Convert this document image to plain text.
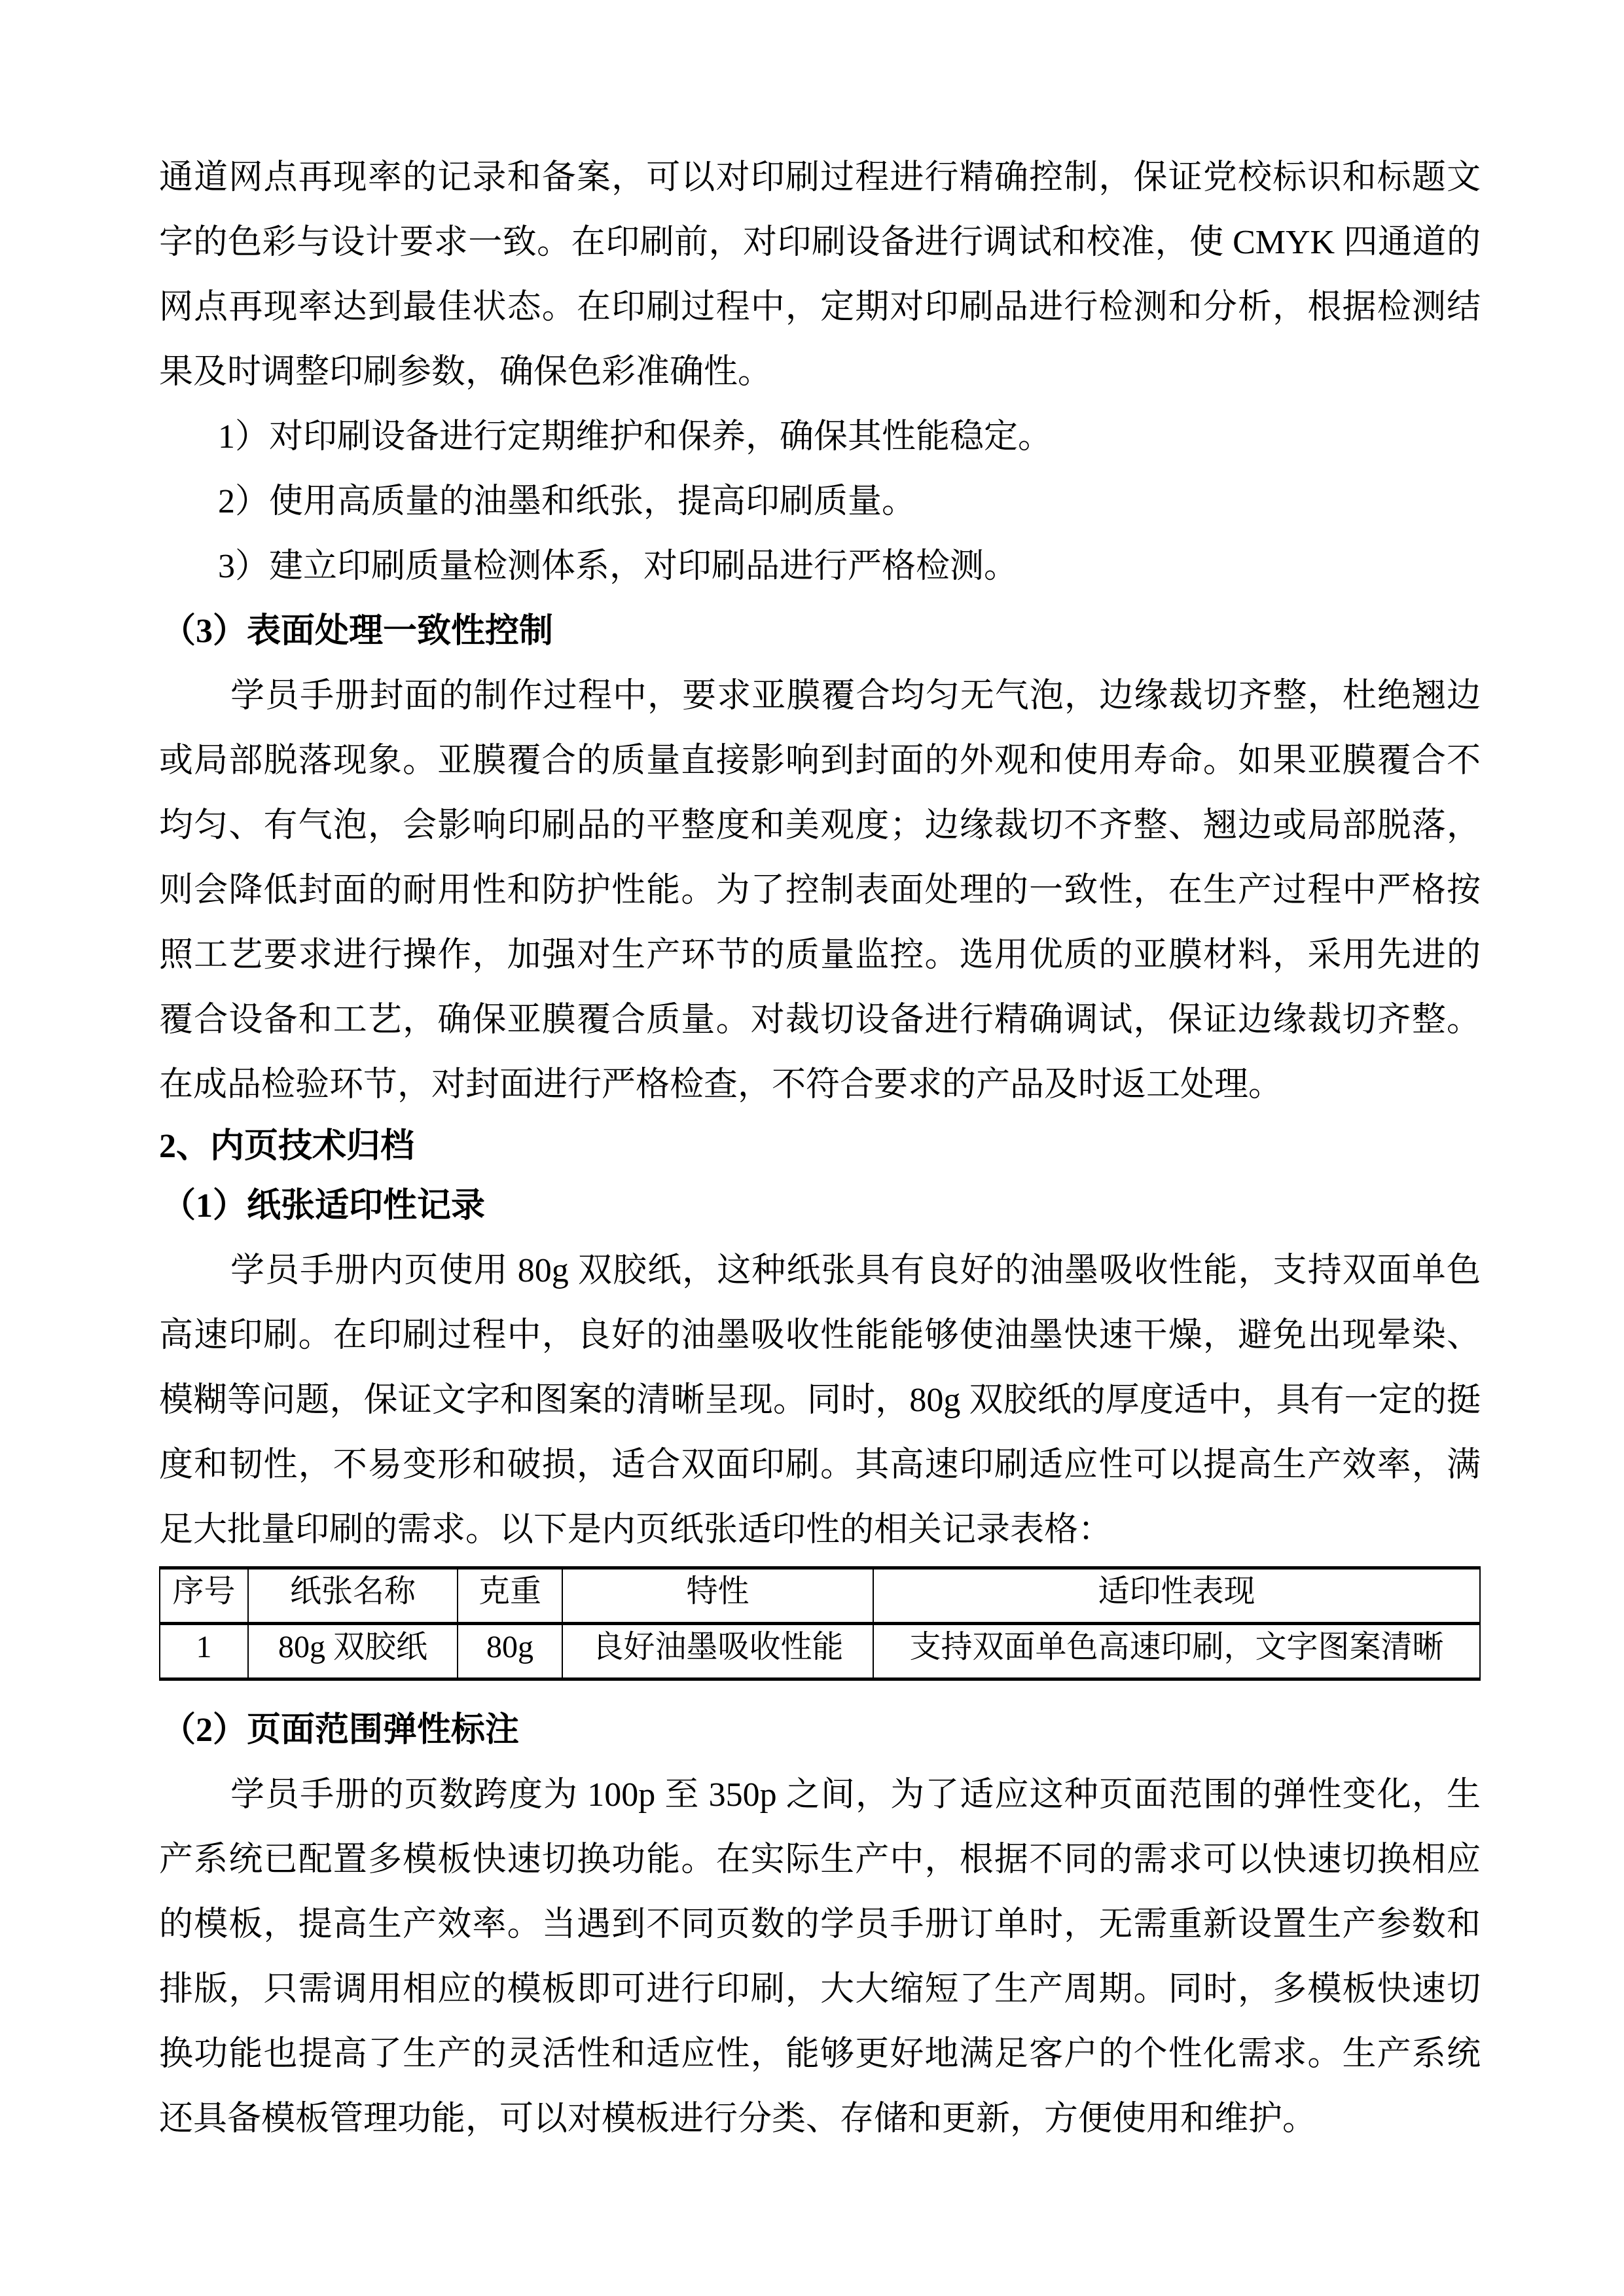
通道网点再现率的记录和备案，可以对印刷过程进行精确控制，保证党校标识和标题文字的色彩与设计要求一致。在印刷前，对印刷设备进行调试和校准，使 CMYK 四通道的网点再现率达到最佳状态。在印刷过程中，定期对印刷品进行检测和分析，根据检测结果及时调整印刷参数，确保色彩准确性。

1）对印刷设备进行定期维护和保养，确保其性能稳定。

2）使用高质量的油墨和纸张，提高印刷质量。

3）建立印刷质量检测体系，对印刷品进行严格检测。

（3）表面处理一致性控制

学员手册封面的制作过程中，要求亚膜覆合均匀无气泡，边缘裁切齐整，杜绝翘边或局部脱落现象。亚膜覆合的质量直接影响到封面的外观和使用寿命。如果亚膜覆合不均匀、有气泡，会影响印刷品的平整度和美观度；边缘裁切不齐整、翘边或局部脱落，则会降低封面的耐用性和防护性能。为了控制表面处理的一致性，在生产过程中严格按照工艺要求进行操作，加强对生产环节的质量监控。选用优质的亚膜材料，采用先进的覆合设备和工艺，确保亚膜覆合质量。对裁切设备进行精确调试，保证边缘裁切齐整。在成品检验环节，对封面进行严格检查，不符合要求的产品及时返工处理。

2、内页技术归档

（1）纸张适印性记录

学员手册内页使用 80g 双胶纸，这种纸张具有良好的油墨吸收性能，支持双面单色高速印刷。在印刷过程中，良好的油墨吸收性能能够使油墨快速干燥，避免出现晕染、模糊等问题，保证文字和图案的清晰呈现。同时，80g 双胶纸的厚度适中，具有一定的挺度和韧性，不易变形和破损，适合双面印刷。其高速印刷适应性可以提高生产效率，满足大批量印刷的需求。以下是内页纸张适印性的相关记录表格：

序号	纸张名称	克重	特性	适印性表现
1	80g 双胶纸	80g	良好油墨吸收性能	支持双面单色高速印刷，文字图案清晰

（2）页面范围弹性标注

学员手册的页数跨度为 100p 至 350p 之间，为了适应这种页面范围的弹性变化，生产系统已配置多模板快速切换功能。在实际生产中，根据不同的需求可以快速切换相应的模板，提高生产效率。当遇到不同页数的学员手册订单时，无需重新设置生产参数和排版，只需调用相应的模板即可进行印刷，大大缩短了生产周期。同时，多模板快速切换功能也提高了生产的灵活性和适应性，能够更好地满足客户的个性化需求。生产系统还具备模板管理功能，可以对模板进行分类、存储和更新，方便使用和维护。
